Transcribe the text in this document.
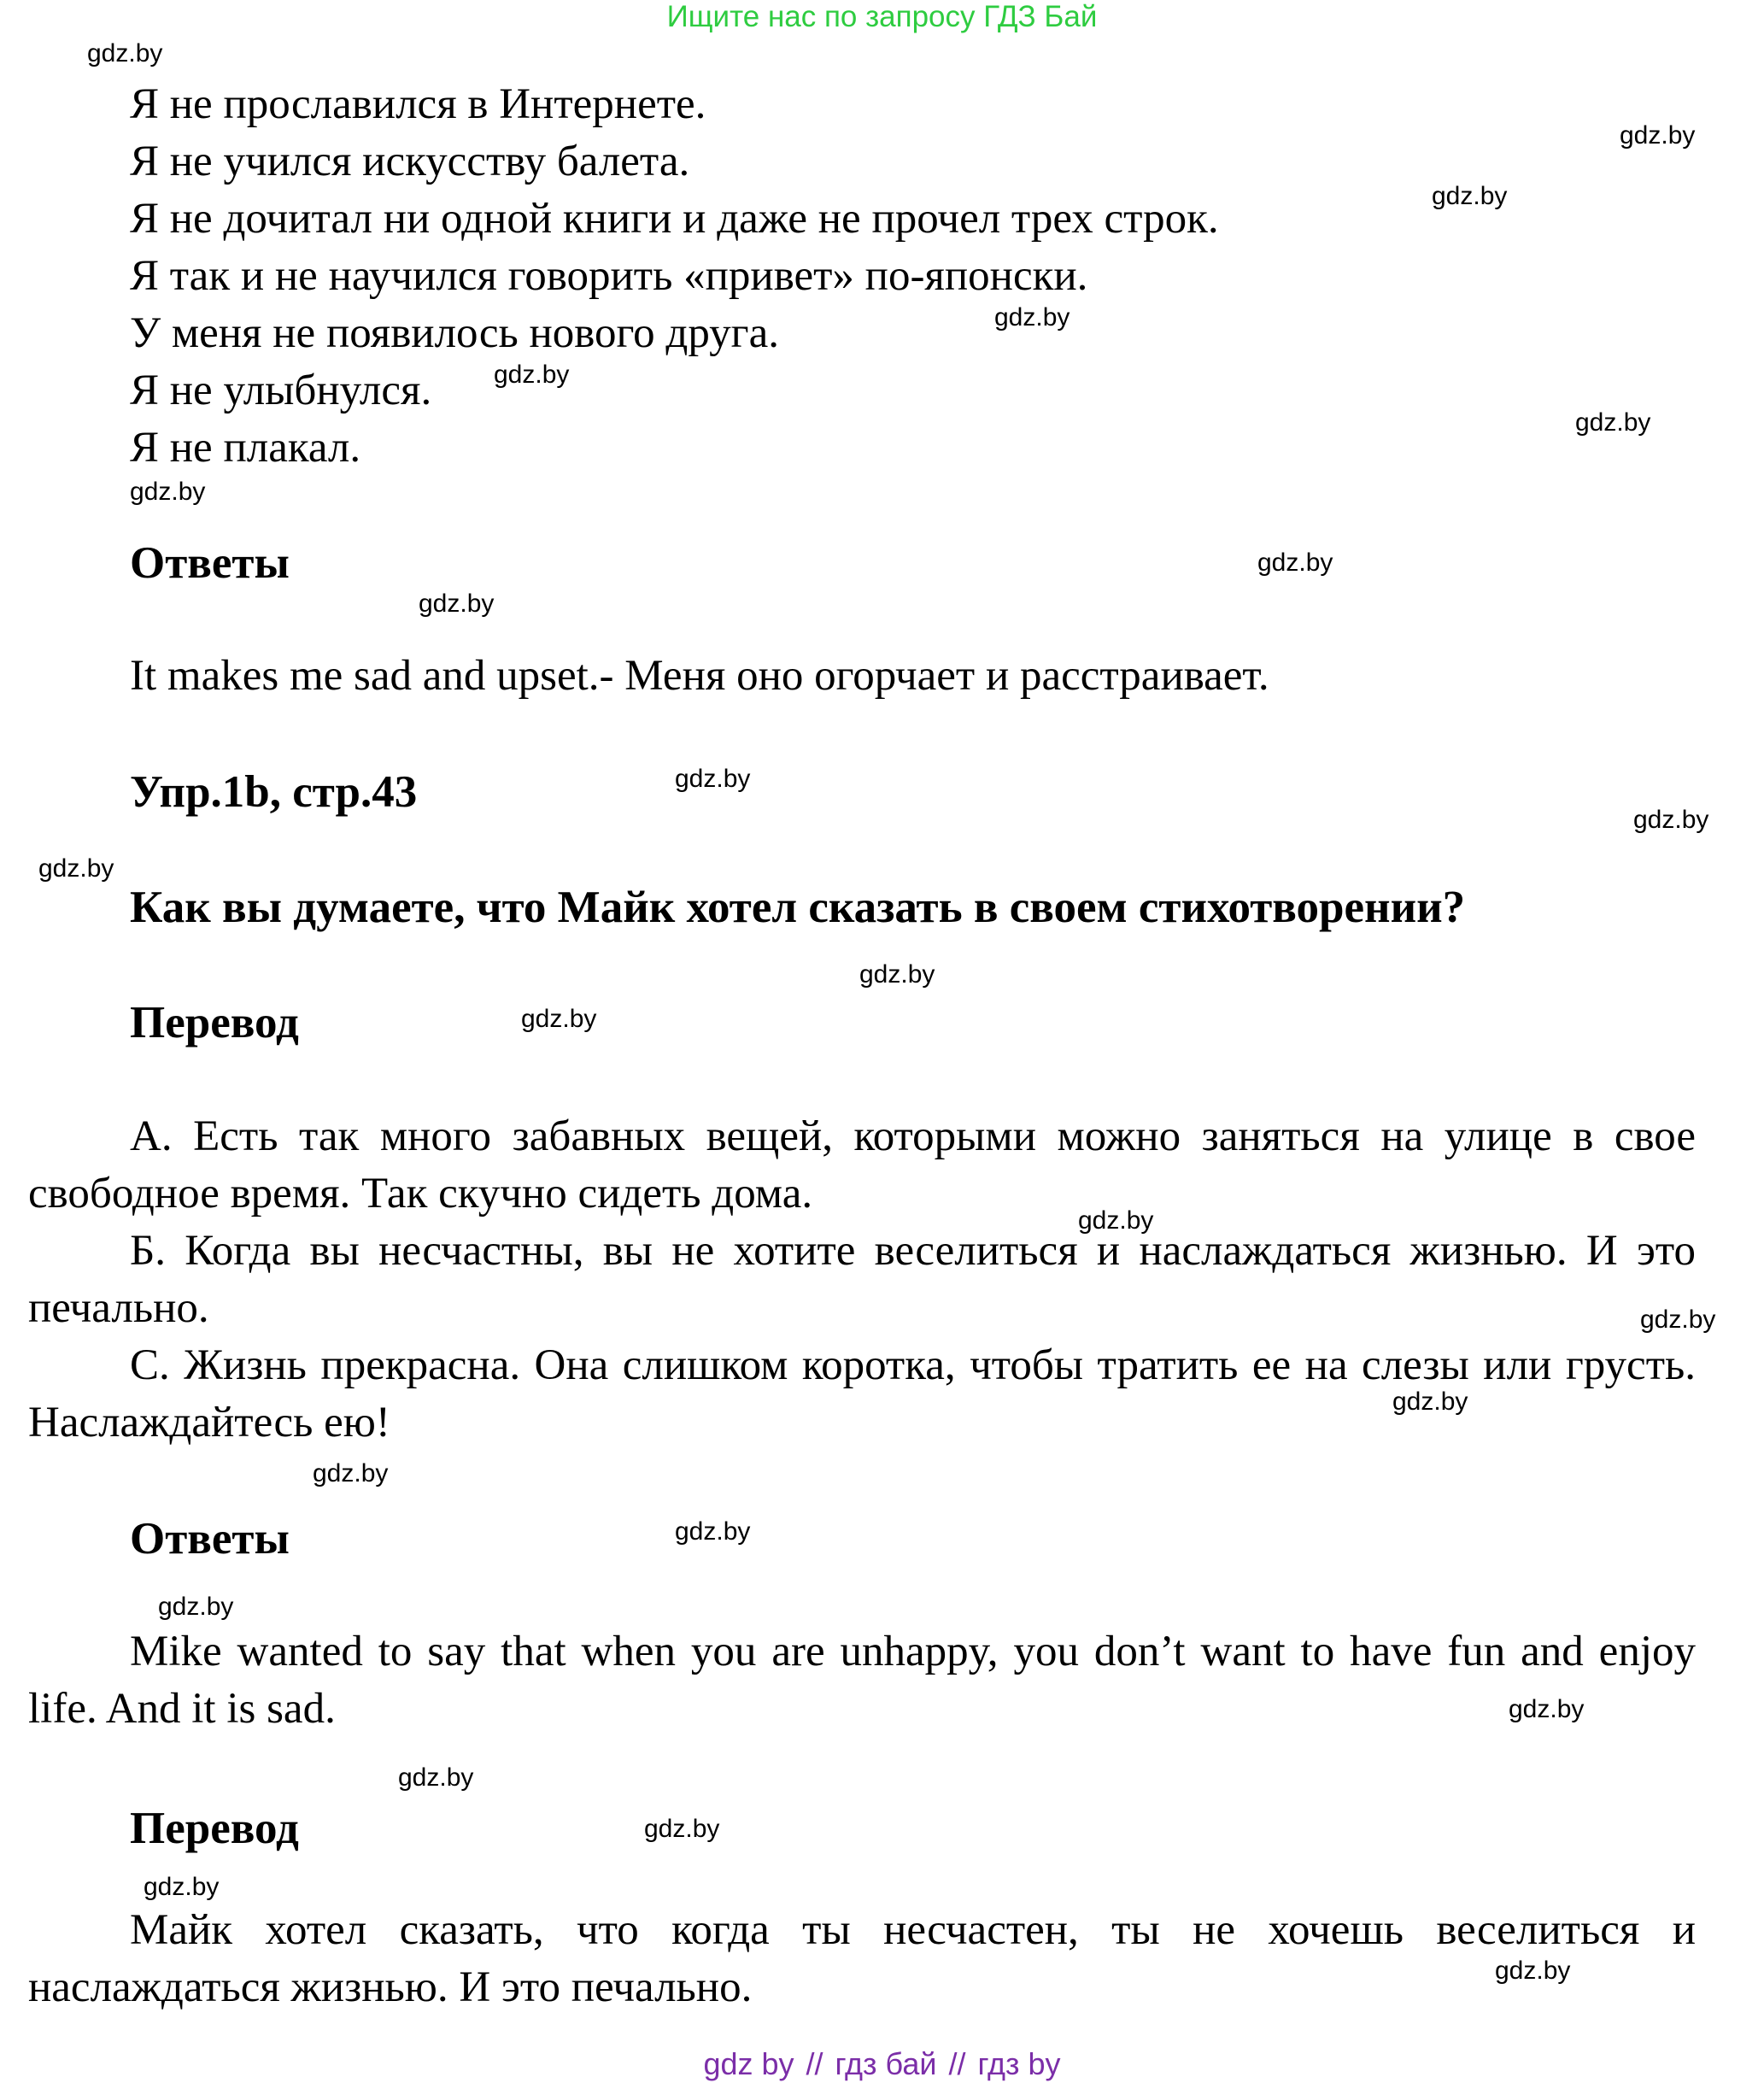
Ищите нас по запросу ГДЗ Бай
Я не прославился в Интернете.
Я не учился искусству балета.
Я не дочитал ни одной книги и даже не прочел трех строк.
Я так и не научился говорить «привет» по-японски.
У меня не появилось нового друга.
Я не улыбнулся.
Я не плакал.
Ответы
It makes me sad and upset.- Меня оно огорчает и расстраивает.
Упр.1b, стр.43
Как вы думаете, что Майк хотел сказать в своем стихотворении?
Перевод

А. Есть так много забавных вещей, которыми можно заняться на улице в свое свободное время. Так скучно сидеть дома.

Б. Когда вы несчастны, вы не хотите веселиться и наслаждаться жизнью. И это печально.

С. Жизнь прекрасна. Она слишком коротка, чтобы тратить ее на слезы или грусть. Наслаждайтесь ею!

Ответы

Mike wanted to say that when you are unhappy, you don’t want to have fun and enjoy life. And it is sad.

Перевод

Майк хотел сказать, что когда ты несчастен, ты не хочешь веселиться и наслаждаться жизнью. И это печально.

gdz.by
gdz.by
gdz.by
gdz.by
gdz.by
gdz.by
gdz.by
gdz.by
gdz.by
gdz.by
gdz.by
gdz.by
gdz.by
gdz.by
gdz.by
gdz.by
gdz.by
gdz.by
gdz.by
gdz.by
gdz.by
gdz.by
gdz.by
gdz.by
gdz.by
gdz by // гдз бай // гдз by
